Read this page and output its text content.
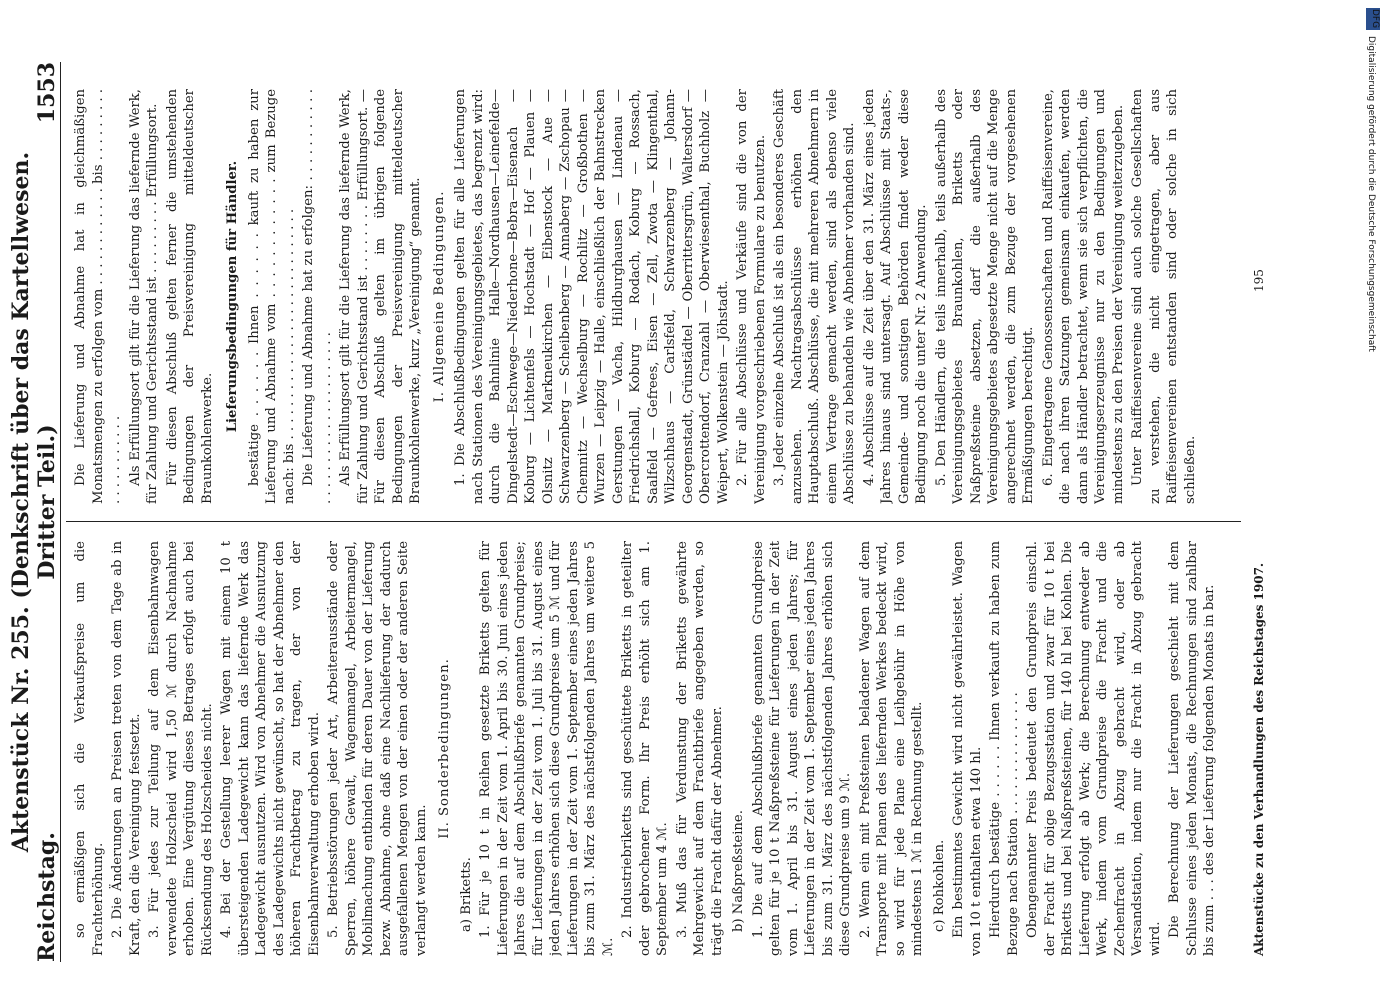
Reichstag.
Aktenstück Nr. 255. (Denkschrift über das Kartellwesen. Dritter Teil.)
1553

so ermäßigen sich die Verkaufspreise um die Frachterhöhung. 2. Die Änderungen an Preisen treten von dem Tage ab in Kraft, den die Vereinigung festsetzt. 3. Für jedes zur Teilung auf dem Eisenbahnwagen verwendete Holzscheid wird 1,50 ℳ durch Nachnahme erhoben. Eine Vergütung dieses Betrages erfolgt auch bei Rücksendung des Holzscheides nicht. 4. Bei der Gestellung leerer Wagen mit einem 10 t übersteigenden Ladegewicht kann das liefernde Werk das Ladegewicht ausnutzen. Wird von Abnehmer die Ausnutzung des Ladegewichts nicht gewünscht, so hat der Abnehmer den höheren Frachtbetrag zu tragen, der von der Eisenbahnverwaltung erhoben wird. 5. Betriebsstörungen jeder Art, Arbeiterausstände oder Sperren, höhere Gewalt, Wagenmangel, Arbeitermangel, Mobilmachung entbinden für deren Dauer von der Lieferung bezw. Abnahme, ohne daß eine Nachlieferung der dadurch ausgefallenen Mengen von der einen oder der anderen Seite verlangt werden kann.

II. Sonderbedingungen.

a) Briketts. 1. Für je 10 t in Reihen gesetzte Briketts gelten für Lieferungen in der Zeit vom 1. April bis 30. Juni eines jeden Jahres die auf dem Abschlußbriefe genannten Grundpreise; für Lieferungen in der Zeit vom 1. Juli bis 31. August eines jeden Jahres erhöhen sich diese Grundpreise um 5 ℳ und für Lieferungen in der Zeit vom 1. September eines jeden Jahres bis zum 31. März des nächstfolgenden Jahres um weitere 5 ℳ.

2. Industriebriketts sind geschüttete Briketts in geteilter oder gebrochener Form. Ihr Preis erhöht sich am 1. September um 4 ℳ. 3. Muß das für Verdunstung der Briketts gewährte Mehrgewicht auf dem Frachtbriefe angegeben werden, so trägt die Fracht dafür der Abnehmer. b) Naßpreßsteine. 1. Die auf dem Abschlußbriefe genannten Grundpreise gelten für je 10 t Naßpreßsteine für Lieferungen in der Zeit vom 1. April bis 31. August eines jeden Jahres; für Lieferungen in der Zeit vom 1. September eines jeden Jahres bis zum 31. März des nächstfolgenden Jahres erhöhen sich diese Grundpreise um 9 ℳ. 2. Wenn ein mit Preßsteinen beladener Wagen auf dem Transporte mit Planen des liefernden Werkes bedeckt wird, so wird für jede Plane eine Leihgebühr in Höhe von mindestens 1 ℳ in Rechnung gestellt. c) Rohkohlen. Ein bestimmtes Gewicht wird nicht gewährleistet. Wagen von 10 t enthalten etwa 140 hl. Hierdurch bestätige . . . . . . Ihnen verkauft zu haben zum Bezuge nach Station . . . . . . . . . . . . . . . Obengenannter Preis bedeutet den Grundpreis einschl. der Fracht für obige Bezugsstation und zwar für 10 t bei Briketts und bei Naßpreßsteinen, für 140 hl bei Kohlen. Die Lieferung erfolgt ab Werk; die Berechnung entweder ab Werk, indem vom Grundpreise die Fracht und die Zechenfracht in Abzug gebracht wird, oder ab Versandstation, indem nur die Fracht in Abzug gebracht wird.

Die Berechnung der Lieferungen geschieht mit dem Schlusse eines jeden Monats, die Rechnungen sind zahlbar bis zum . . . des der Lieferung folgenden Monats in bar.

Die Lieferung und Abnahme hat in gleichmäßigen Monatsmengen zu erfolgen vom . . . . . . . . . . . . bis . . . . . . . . . . . . . . . . . . . . Als Erfüllungsort gilt für die Lieferung das liefernde Werk, für Zahlung und Gerichtsstand ist . . . . . . . . . Erfüllungsort. Für diesen Abschluß gelten ferner die umstehenden Bedingungen der Preisvereinigung mitteldeutscher Braunkohlenwerke.

Lieferungsbedingungen für Händler. bestätige . . . . . . Ihnen . . . . . . kauft zu haben zur Lieferung und Abnahme vom . . . . . . . . . . . . zum Bezuge nach: bis . . . . . . . . . . . . . . . . . . . . . . . . . . . . Die Lieferung und Abnahme hat zu erfolgen: . . . . . . . . . . . . . . . . . . . . . . . . . . . . . . . . Als Erfüllungsort gilt für die Lieferung das liefernde Werk, für Zahlung und Gerichtsstand ist . . . . . . . . Erfüllungsort. — Für diesen Abschluß gelten im übrigen folgende Bedingungen der Preisvereinigung mitteldeutscher Braunkohlenwerke, kurz „Vereinigung“ genannt. I. Allgemeine Bedingungen. 1. Die Abschlußbedingungen gelten für alle Lieferungen nach Stationen des Vereinigungsgebietes, das begrenzt wird: durch die Bahnlinie Halle—Nordhausen—Leinefelde—Dingelstedt—Eschwege—Niederhone—Bebra—Eisenach — Koburg — Lichtenfels — Hochstadt — Hof — Plauen — Olsnitz — Markneukirchen — Eibenstock — Aue — Schwarzenberg — Scheibenberg — Annaberg — Zschopau — Chemnitz — Wechselburg — Rochlitz — Großbothen — Wurzen — Leipzig — Halle, einschließlich der Bahnstrecken Gerstungen — Vacha, Hildburghausen — Lindenau — Friedrichshall, Koburg — Rodach, Koburg — Rossach, Saalfeld — Gefrees, Eisen — Zell, Zwota — Klingenthal, Wilzschhaus — Carlsfeld, Schwarzenberg — Johann-Georgenstadt, Grünstädtel — Oberrittersgrün, Waltersdorf — Obercrottendorf, Cranzahl — Oberwiesenthal, Buchholz — Weipert, Wolkenstein — Jöhstadt. 2. Für alle Abschlüsse und Verkäufe sind die von der Vereinigung vorgeschriebenen Formulare zu benutzen. 3. Jeder einzelne Abschluß ist als ein besonderes Geschäft anzusehen. Nachtragsabschlüsse erhöhen den Hauptabschluß. Abschlüsse, die mit mehreren Abnehmern in einem Vertrage gemacht werden, sind als ebenso viele Abschlüsse zu behandeln wie Abnehmer vorhanden sind. 4. Abschlüsse auf die Zeit über den 31. März eines jeden Jahres hinaus sind untersagt. Auf Abschlüsse mit Staats-, Gemeinde- und sonstigen Behörden findet weder diese Bedingung noch die unter Nr. 2 Anwendung. 5. Den Händlern, die teils innerhalb, teils außerhalb des Vereinigungsgebietes Braunkohlen, Briketts oder Naßpreßsteine absetzen, darf die außerhalb des Vereinigungsgebietes abgesetzte Menge nicht auf die Menge angerechnet werden, die zum Bezuge der vorgesehenen Ermäßigungen berechtigt. 6. Eingetragene Genossenschaften und Raiffeisenvereine, die nach ihren Satzungen gemeinsam einkaufen, werden dann als Händler betrachtet, wenn sie sich verpflichten, die Vereinigungserzeugnisse nur zu den Bedingungen und mindestens zu den Preisen der Vereinigung weiterzugeben. Unter Raiffeisenvereine sind auch solche Gesellschaften zu verstehen, die nicht eingetragen, aber aus Raiffeisenvereinen entstanden sind oder solche in sich schließen.

Aktenstücke zu den Verhandlungen des Reichstages 1907.
195
DFG
Digitalisierung gefördert durch die Deutsche Forschungsgemeinschaft
